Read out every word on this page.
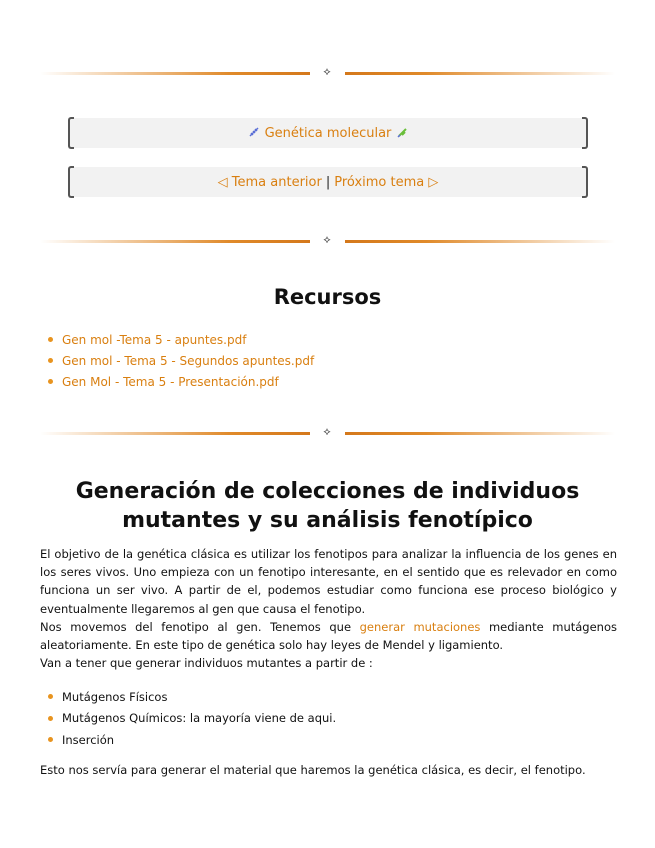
⟡
Genética molecular
◁ Tema anterior | Próximo tema ▷
⟡
Recursos
Gen mol -Tema 5 - apuntes.pdf
Gen mol - Tema 5 - Segundos apuntes.pdf
Gen Mol - Tema 5 - Presentación.pdf
⟡
Generación de colecciones de individuos mutantes y su análisis fenotípico

El objetivo de la genética clásica es utilizar los fenotipos para analizar la influencia de los genes en los seres vivos. Uno empieza con un fenotipo interesante, en el sentido que es relevador en como funciona un ser vivo. A partir de el, podemos estudiar como funciona ese proceso biológico y eventualmente llegaremos al gen que causa el fenotipo.

Nos movemos del fenotipo al gen. Tenemos que generar mutaciones mediante mutágenos aleatoriamente. En este tipo de genética solo hay leyes de Mendel y ligamiento.

Van a tener que generar individuos mutantes a partir de :

Mutágenos Físicos
Mutágenos Químicos: la mayoría viene de aqui.
Inserción

Esto nos servía para generar el material que haremos la genética clásica, es decir, el fenotipo.
